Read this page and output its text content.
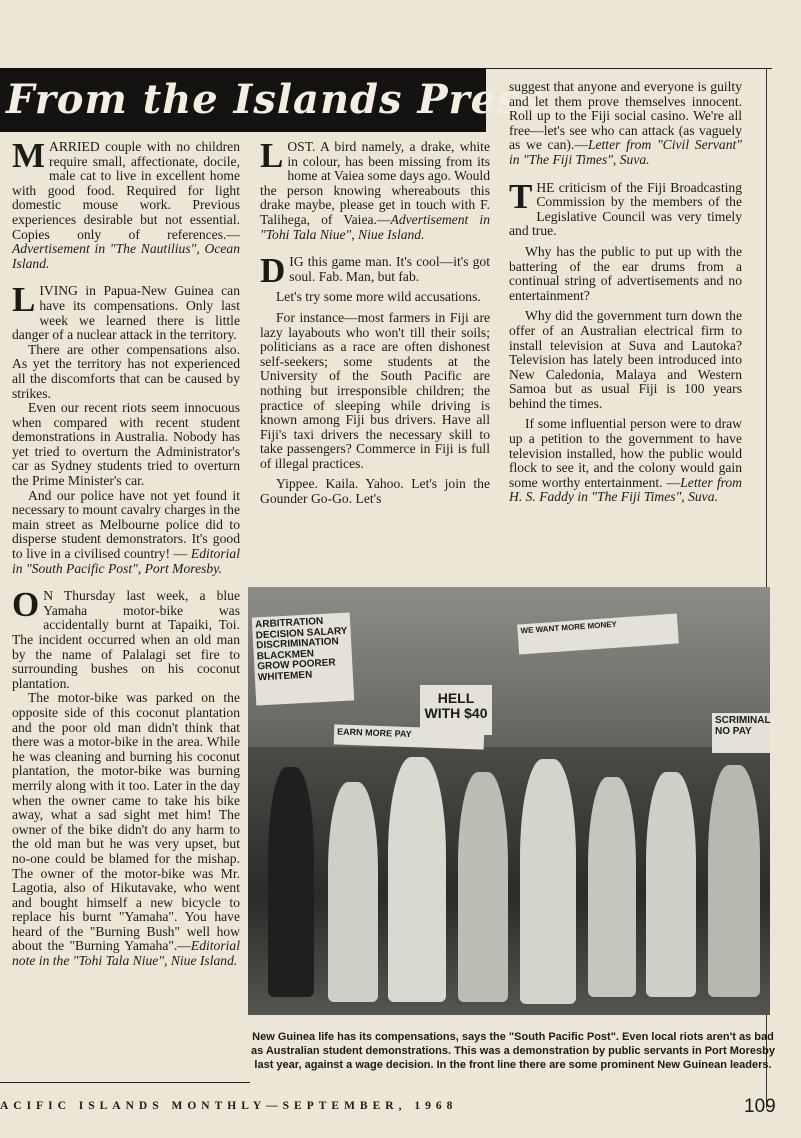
From the Islands Press

MARRIED couple with no children require small, affectionate, docile, male cat to live in excellent home with good food. Required for light domestic mouse work. Previous experiences desirable but not essential. Copies only of references.—Advertisement in "The Nautilius", Ocean Island.

LIVING in Papua-New Guinea can have its compensations. Only last week we learned there is little danger of a nuclear attack in the territory.

There are other compensations also. As yet the territory has not experienced all the discomforts that can be caused by strikes.

Even our recent riots seem innocuous when compared with recent student demonstrations in Australia. Nobody has yet tried to overturn the Administrator's car as Sydney students tried to overturn the Prime Minister's car.

And our police have not yet found it necessary to mount cavalry charges in the main street as Melbourne police did to disperse student demonstrators. It's good to live in a civilised country! — Editorial in "South Pacific Post", Port Moresby.

O N Thursday last week, a blue Yamaha motor-bike was accidentally burnt at Tapaiki, Toi. The incident occurred when an old man by the name of Palalagi set fire to surrounding bushes on his coconut plantation.

The motor-bike was parked on the opposite side of this coconut plantation and the poor old man didn't think that there was a motor-bike in the area. While he was cleaning and burning his coconut plantation, the motor-bike was burning merrily along with it too. Later in the day when the owner came to take his bike away, what a sad sight met him! The owner of the bike didn't do any harm to the old man but he was very upset, but no-one could be blamed for the mishap. The owner of the motor-bike was Mr. Lagotia, also of Hikutavake, who went and bought himself a new bicycle to replace his burnt "Yamaha". You have heard of the "Burning Bush" well how about the "Burning Yamaha".—Editorial note in the "Tohi Tala Niue", Niue Island.

LOST. A bird namely, a drake, white in colour, has been missing from its home at Vaiea some days ago. Would the person knowing whereabouts this drake maybe, please get in touch with F. Talihega, of Vaiea.—Advertisement in "Tohi Tala Niue", Niue Island.

DIG this game man. It's cool—it's got soul. Fab. Man, but fab.

Let's try some more wild accusations.

For instance—most farmers in Fiji are lazy layabouts who won't till their soils; politicians as a race are often dishonest self-seekers; some students at the University of the South Pacific are nothing but irresponsible children; the practice of sleeping while driving is known among Fiji bus drivers. Have all Fiji's taxi drivers the necessary skill to take passengers? Commerce in Fiji is full of illegal practices.

Yippee. Kaila. Yahoo. Let's join the Gounder Go-Go. Let's

suggest that anyone and everyone is guilty and let them prove themselves innocent. Roll up to the Fiji social casino. We're all free—let's see who can attack (as vaguely as we can).—Letter from "Civil Servant" in "The Fiji Times", Suva.

THE criticism of the Fiji Broadcasting Commission by the members of the Legislative Council was very timely and true.

Why has the public to put up with the battering of the ear drums from a continual string of advertisements and no entertainment?

Why did the government turn down the offer of an Australian electrical firm to install television at Suva and Lautoka? Television has lately been introduced into New Caledonia, Malaya and Western Samoa but as usual Fiji is 100 years behind the times.

If some influential person were to draw up a petition to the government to have television installed, how the public would flock to see it, and the colony would gain some worthy entertainment. —Letter from H. S. Faddy in "The Fiji Times", Suva.

ARBITRATION DECISION SALARY DISCRIMINATION BLACKMEN GROW POORER WHITEMEN
WE WANT MORE MONEY
HELL WITH $40
EARN MORE PAY
SCRIMINAL NO PAY
New Guinea life has its compensations, says the "South Pacific Post". Even local riots aren't as bad as Australian student demonstrations. This was a demonstration by public servants in Port Moresby last year, against a wage decision. In the front line there are some prominent New Guinean leaders.
ACIFIC ISLANDS MONTHLY—SEPTEMBER, 1968	109
